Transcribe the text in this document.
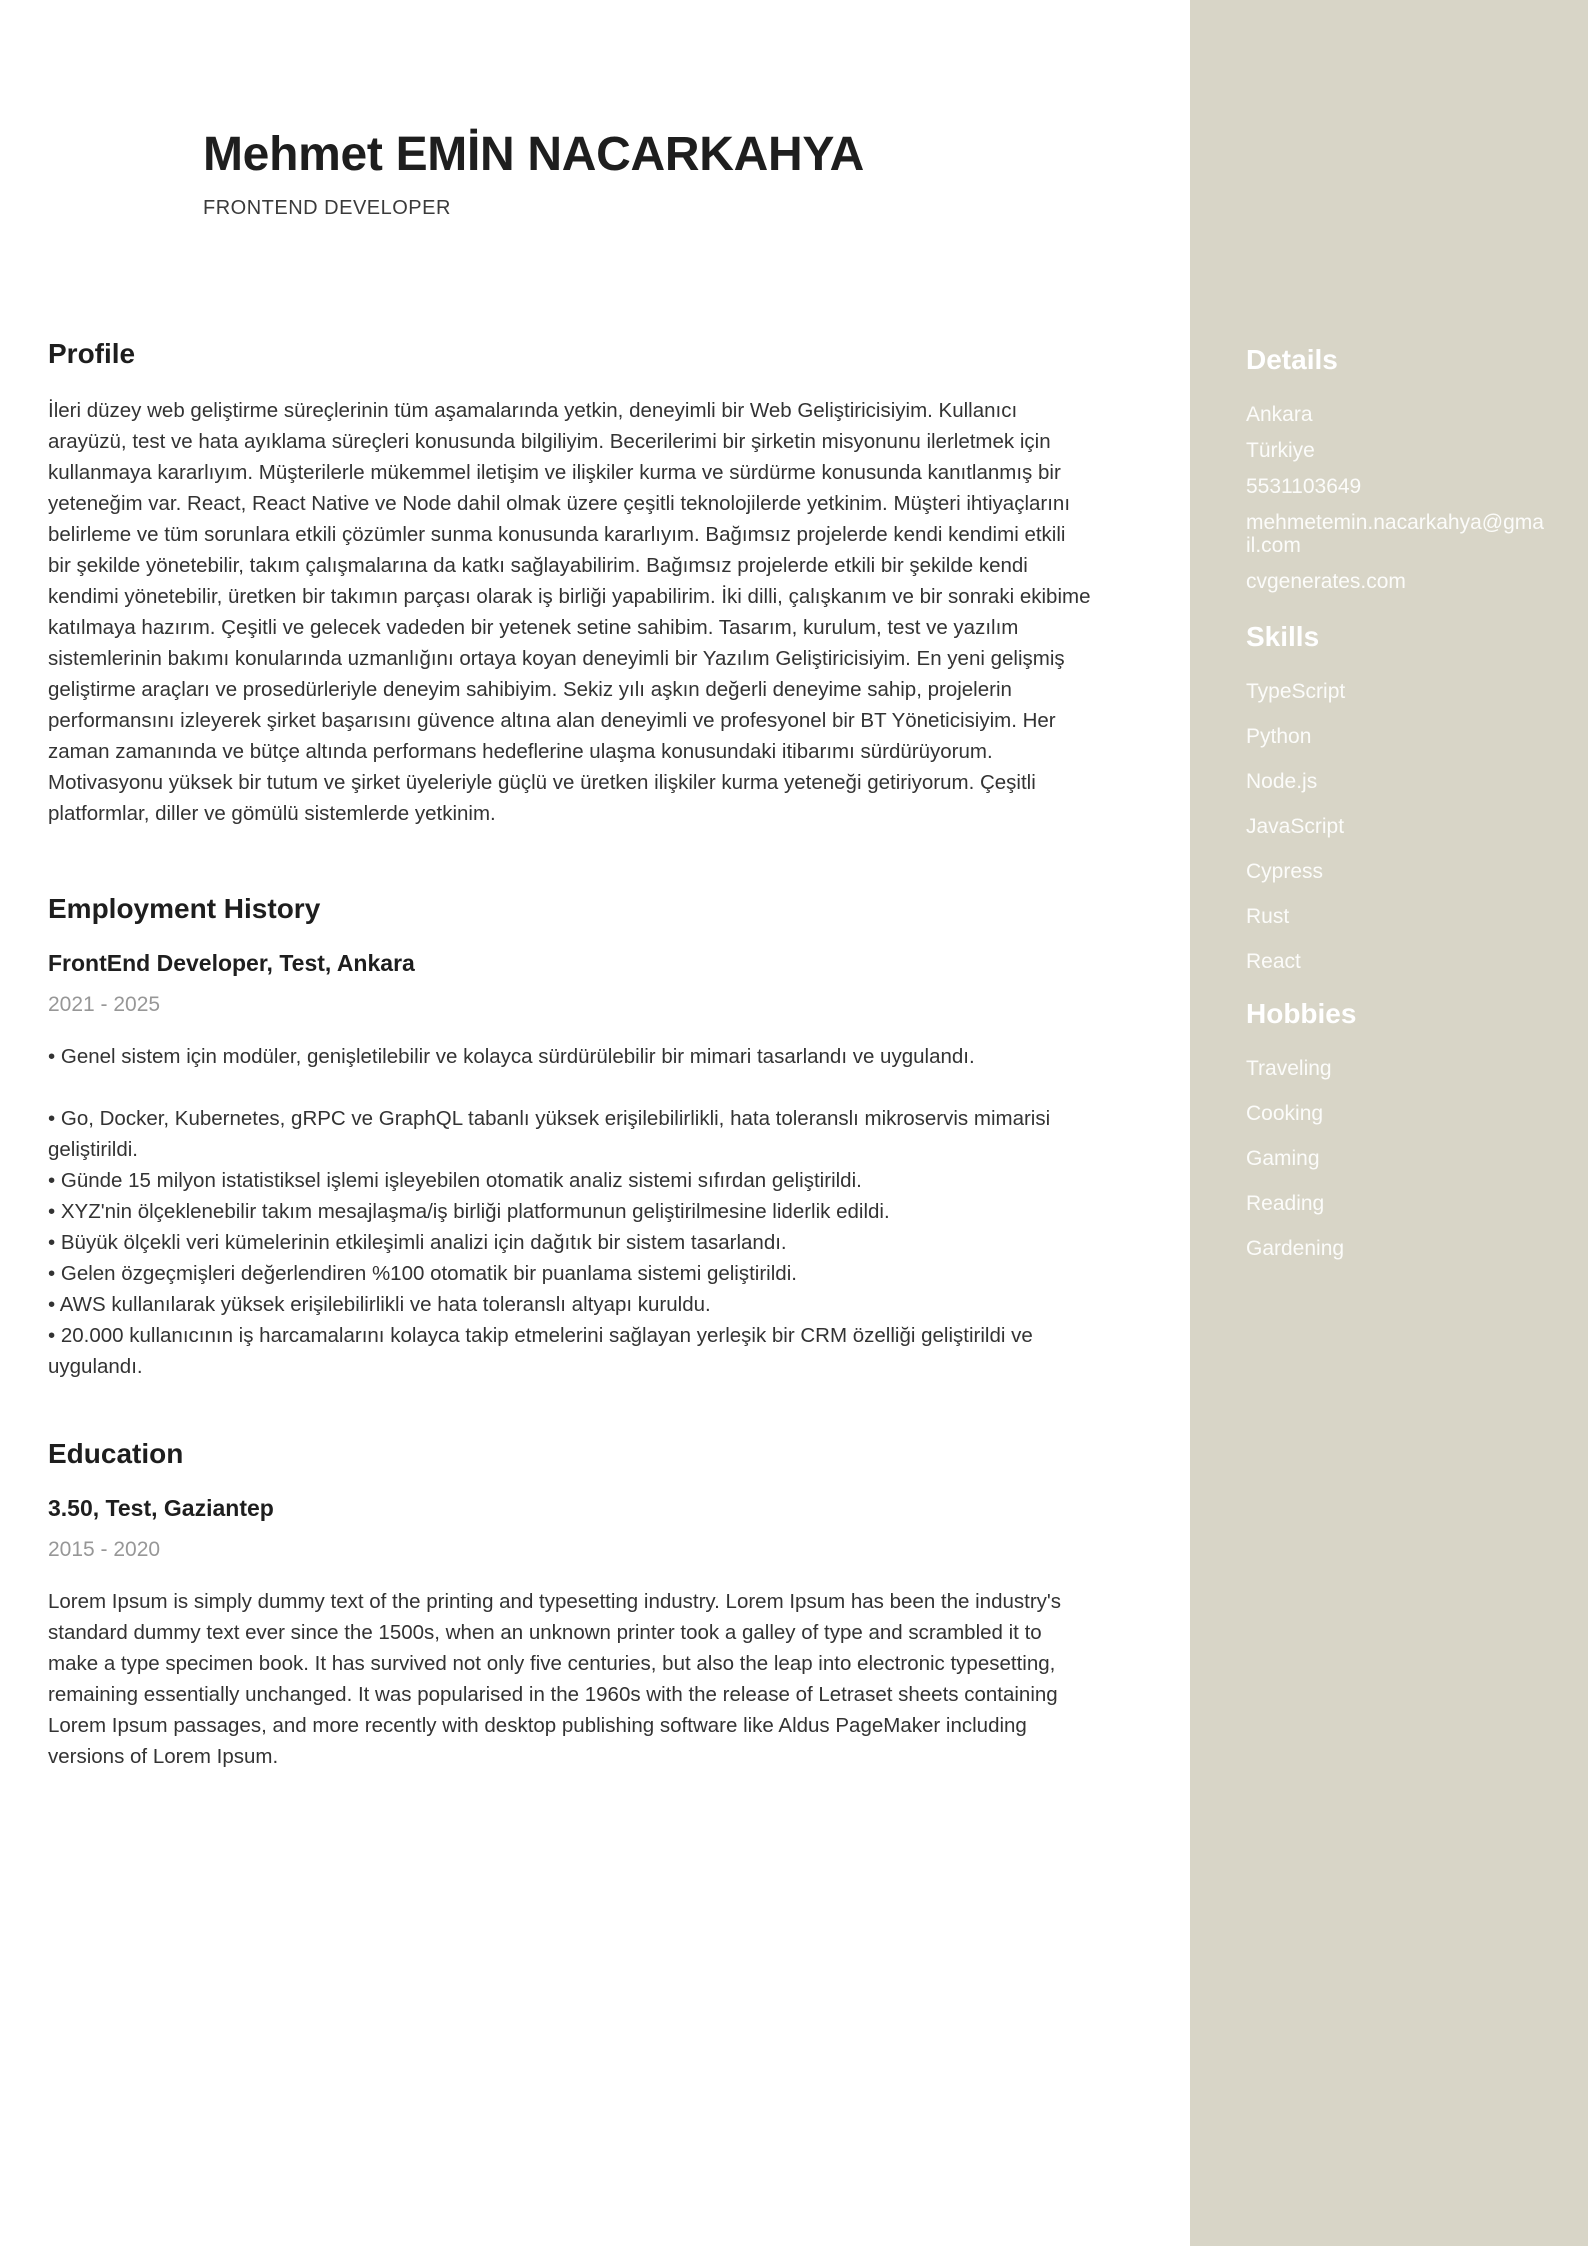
Mehmet EMİN NACARKAHYA
FRONTEND DEVELOPER
Profile

İleri düzey web geliştirme süreçlerinin tüm aşamalarında yetkin, deneyimli bir Web Geliştiricisiyim. Kullanıcı arayüzü, test ve hata ayıklama süreçleri konusunda bilgiliyim. Becerilerimi bir şirketin misyonunu ilerletmek için kullanmaya kararlıyım. Müşterilerle mükemmel iletişim ve ilişkiler kurma ve sürdürme konusunda kanıtlanmış bir yeteneğim var. React, React Native ve Node dahil olmak üzere çeşitli teknolojilerde yetkinim. Müşteri ihtiyaçlarını belirleme ve tüm sorunlara etkili çözümler sunma konusunda kararlıyım. Bağımsız projelerde kendi kendimi etkili bir şekilde yönetebilir, takım çalışmalarına da katkı sağlayabilirim. Bağımsız projelerde etkili bir şekilde kendi kendimi yönetebilir, üretken bir takımın parçası olarak iş birliği yapabilirim. İki dilli, çalışkanım ve bir sonraki ekibime katılmaya hazırım. Çeşitli ve gelecek vadeden bir yetenek setine sahibim. Tasarım, kurulum, test ve yazılım sistemlerinin bakımı konularında uzmanlığını ortaya koyan deneyimli bir Yazılım Geliştiricisiyim. En yeni gelişmiş geliştirme araçları ve prosedürleriyle deneyim sahibiyim. Sekiz yılı aşkın değerli deneyime sahip, projelerin performansını izleyerek şirket başarısını güvence altına alan deneyimli ve profesyonel bir BT Yöneticisiyim. Her zaman zamanında ve bütçe altında performans hedeflerine ulaşma konusundaki itibarımı sürdürüyorum. Motivasyonu yüksek bir tutum ve şirket üyeleriyle güçlü ve üretken ilişkiler kurma yeteneği getiriyorum. Çeşitli platformlar, diller ve gömülü sistemlerde yetkinim.

Employment History
FrontEnd Developer, Test, Ankara
2021 - 2025
• Genel sistem için modüler, genişletilebilir ve kolayca sürdürülebilir bir mimari tasarlandı ve uygulandı.
• Go, Docker, Kubernetes, gRPC ve GraphQL tabanlı yüksek erişilebilirlikli, hata toleranslı mikroservis mimarisi geliştirildi.
• Günde 15 milyon istatistiksel işlemi işleyebilen otomatik analiz sistemi sıfırdan geliştirildi.
• XYZ'nin ölçeklenebilir takım mesajlaşma/iş birliği platformunun geliştirilmesine liderlik edildi.
• Büyük ölçekli veri kümelerinin etkileşimli analizi için dağıtık bir sistem tasarlandı.
• Gelen özgeçmişleri değerlendiren %100 otomatik bir puanlama sistemi geliştirildi.
• AWS kullanılarak yüksek erişilebilirlikli ve hata toleranslı altyapı kuruldu.
• 20.000 kullanıcının iş harcamalarını kolayca takip etmelerini sağlayan yerleşik bir CRM özelliği geliştirildi ve uygulandı.
Education
3.50, Test, Gaziantep
2015 - 2020

Lorem Ipsum is simply dummy text of the printing and typesetting industry. Lorem Ipsum has been the industry's standard dummy text ever since the 1500s, when an unknown printer took a galley of type and scrambled it to make a type specimen book. It has survived not only five centuries, but also the leap into electronic typesetting, remaining essentially unchanged. It was popularised in the 1960s with the release of Letraset sheets containing Lorem Ipsum passages, and more recently with desktop publishing software like Aldus PageMaker including versions of Lorem Ipsum.

Details
Ankara
Türkiye
5531103649
mehmetemin.nacarkahya@gmail.com
cvgenerates.com
Skills
TypeScript
Python
Node.js
JavaScript
Cypress
Rust
React
Hobbies
Traveling
Cooking
Gaming
Reading
Gardening
